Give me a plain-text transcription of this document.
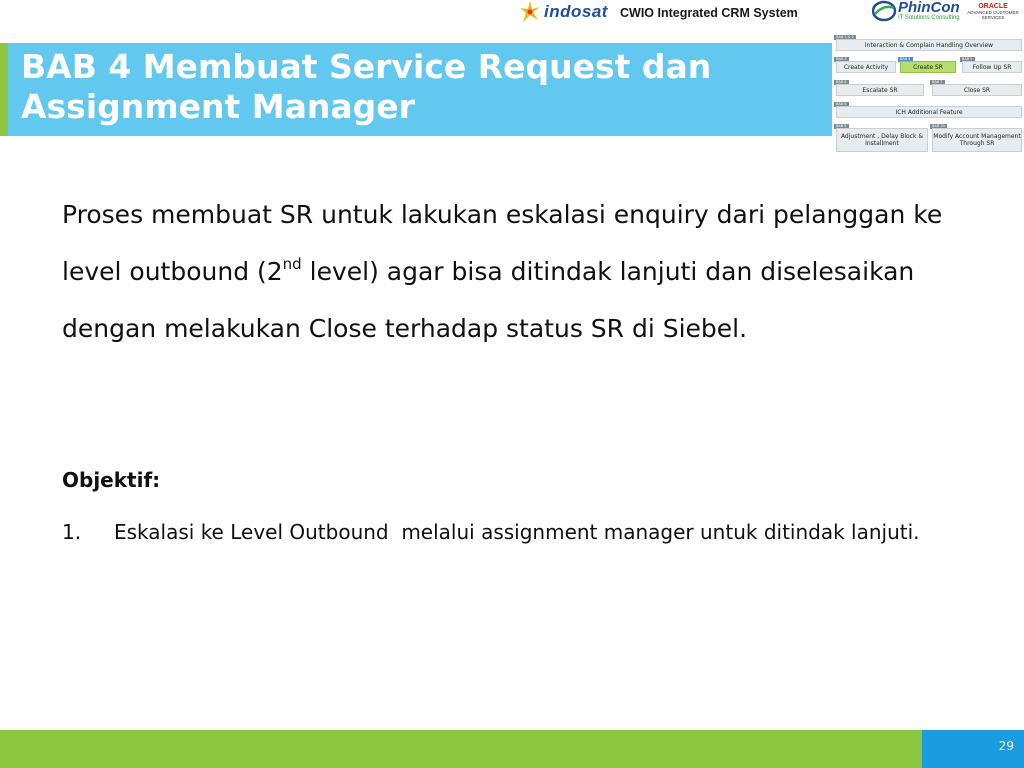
indosat CWIO Integrated CRM System	PhinCon
IT Solutions Consulting
ORACLE
ADVANCED CUSTOMER SERVICES
BAB 4 Membuat Service Request dan Assignment Manager
BAB 1 & 2
Interaction & Complain Handling Overview
BAB 3
Create Activity
BAB 4
Create SR
BAB 5
Follow Up SR
BAB 6
Escalate SR
BAB 7
Close SR
BAB 8
ICH Additional Feature
BAB 9
Adjustment , Delay Block & Installment
BAB 10
Modify Account Management Through SR
Proses membuat SR untuk lakukan eskalasi enquiry dari pelanggan ke level outbound (2nd level) agar bisa ditindak lanjuti dan diselesaikan dengan melakukan Close terhadap status SR di Siebel.
Objektif:
1. Eskalasi ke Level Outbound  melalui assignment manager untuk ditindak lanjuti.
29
